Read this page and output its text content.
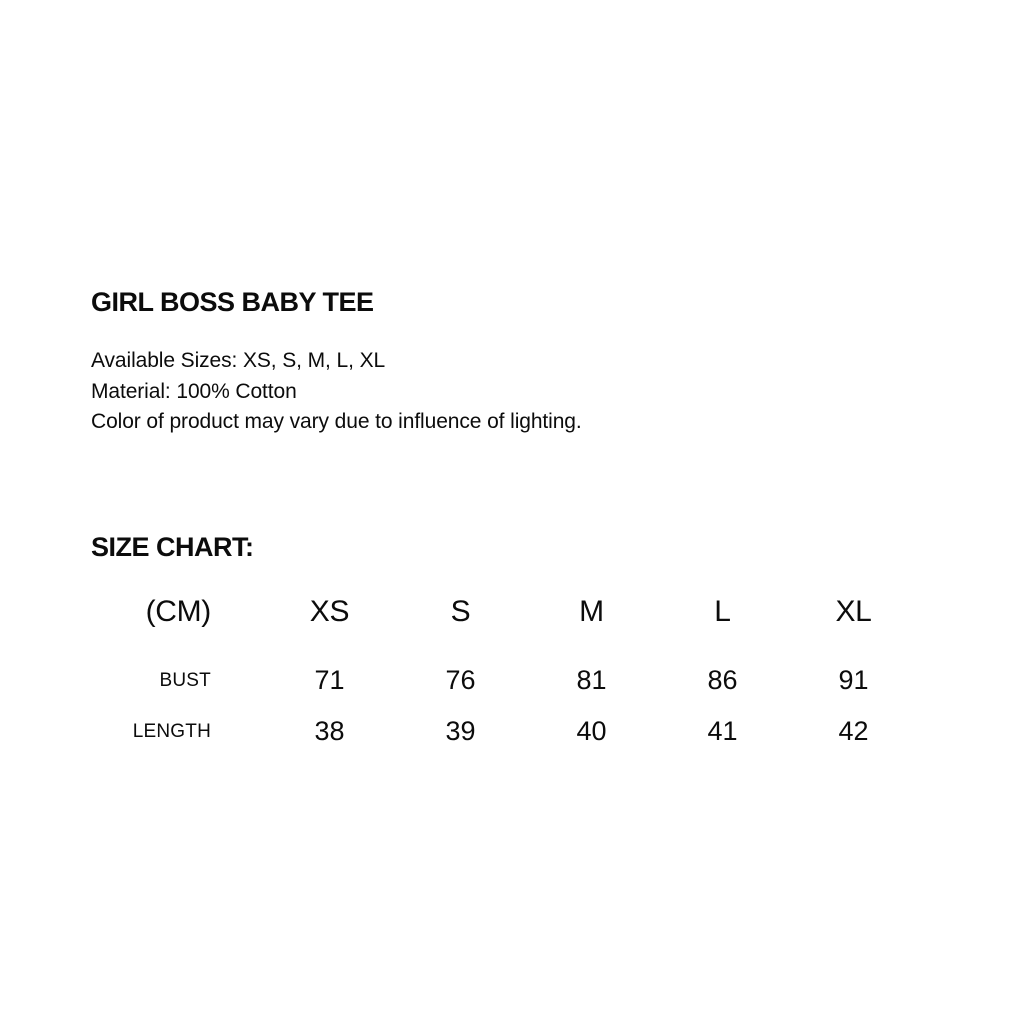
GIRL BOSS BABY TEE

Available Sizes: XS, S, M, L, XL

Material: 100% Cotton

Color of product may vary due to influence of lighting.

SIZE CHART:
(CM)	XS	S	M	L	XL
BUST	71	76	81	86	91
LENGTH	38	39	40	41	42
